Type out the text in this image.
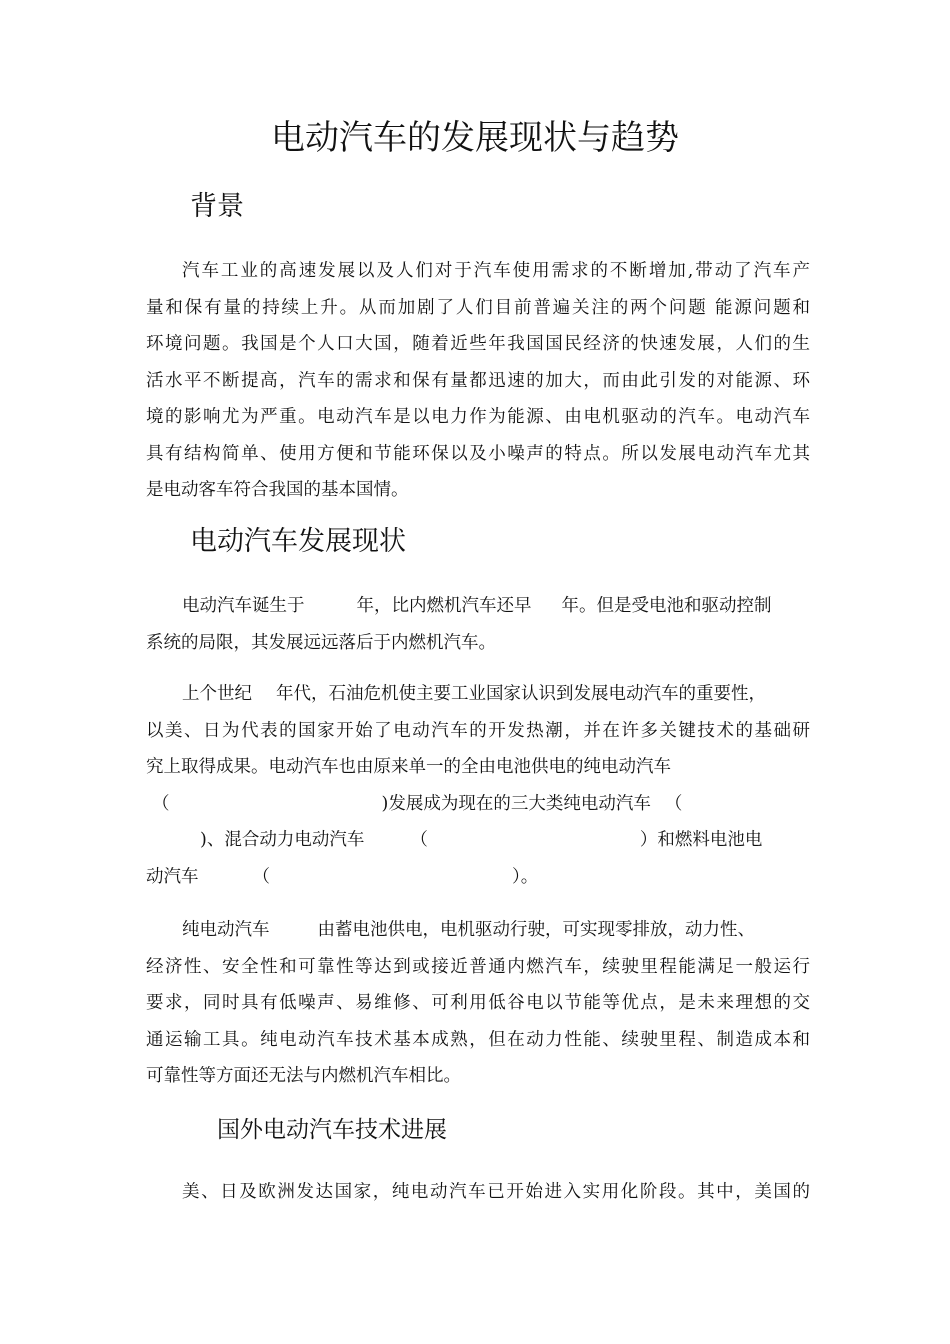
电动汽车的发展现状与趋势
背景
汽车工业的高速发展以及人们对于汽车使用需求的不断增加,带动了汽车产
量和保有量的持续上升。从而加剧了人们目前普遍关注的两个问题 能源问题和
环境问题。我国是个人口大国，随着近些年我国国民经济的快速发展，人们的生
活水平不断提高，汽车的需求和保有量都迅速的加大，而由此引发的对能源、环
境的影响尤为严重。电动汽车是以电力作为能源、由电机驱动的汽车。电动汽车
具有结构简单、使用方便和节能环保以及小噪声的特点。所以发展电动汽车尤其
是电动客车符合我国的基本国情。
电动汽车发展现状
电动汽车诞生于	年，比内燃机汽车还早 年。但是受电池和驱动控制
系统的局限，其发展远远落后于内燃机汽车。
上个世纪 年代，石油危机使主要工业国家认识到发展电动汽车的重要性，
以美、日为代表的国家开始了电动汽车的开发热潮，并在许多关键技术的基础研
究上取得成果。电动汽车也由原来单一的全由电池供电的纯电动汽车
（	)发展成为现在的三大类纯电动汽车 （
)、混合动力电动汽车	（	）和燃料电池电
动汽车	（	）。
纯电动汽车	由蓄电池供电，电机驱动行驶，可实现零排放，动力性、
经济性、安全性和可靠性等达到或接近普通内燃汽车，续驶里程能满足一般运行
要求，同时具有低噪声、易维修、可利用低谷电以节能等优点，是未来理想的交
通运输工具。纯电动汽车技术基本成熟，但在动力性能、续驶里程、制造成本和
可靠性等方面还无法与内燃机汽车相比。
国外电动汽车技术进展
美、日及欧洲发达国家，纯电动汽车已开始进入实用化阶段。其中，美国的
